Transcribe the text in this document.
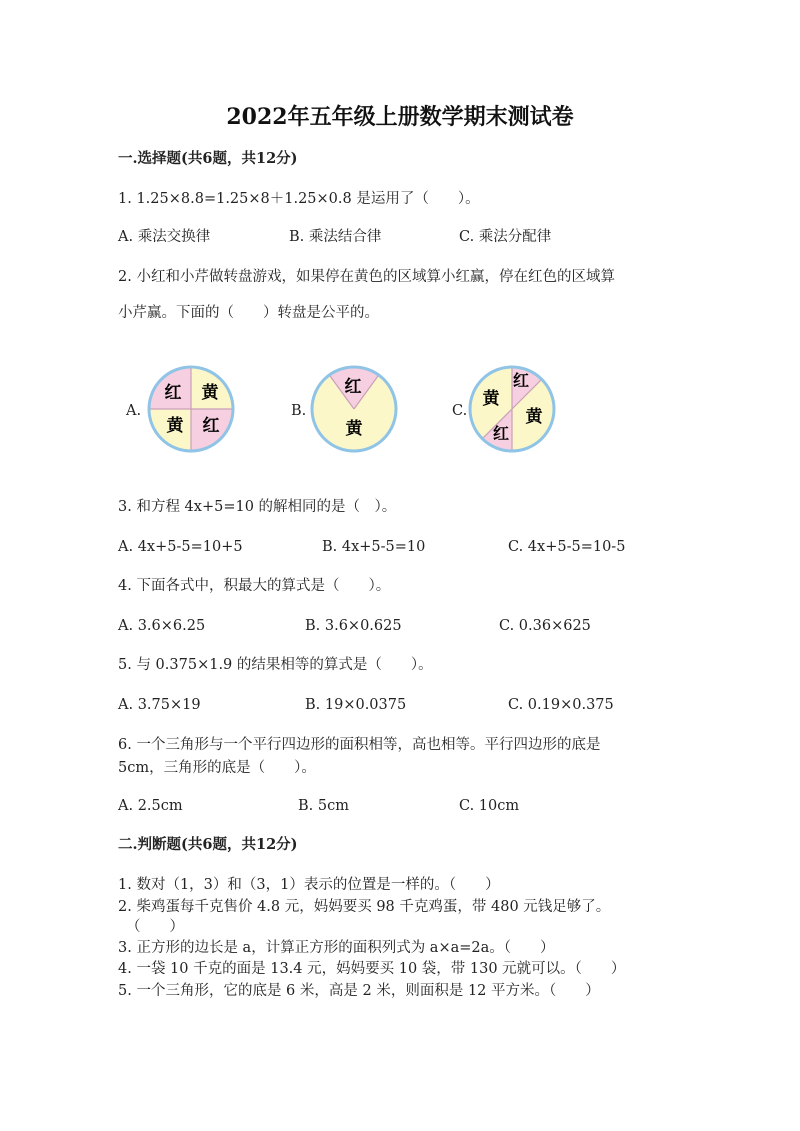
2022年五年级上册数学期末测试卷
一.选择题(共6题，共12分)
1. 1.25×8.8=1.25×8＋1.25×0.8 是运用了（　　）。
A. 乘法交换律	B. 乘法结合律	C. 乘法分配律
2. 小红和小芹做转盘游戏，如果停在黄色的区域算小红赢，停在红色的区域算
小芹赢。下面的（　　）转盘是公平的。
A.
红 黄
黄 红
B.
红
黄
C.
红
黄
黄
红
3. 和方程 4x+5=10 的解相同的是（　）。
A. 4x+5-5=10+5	B. 4x+5-5=10	C. 4x+5-5=10-5
4. 下面各式中，积最大的算式是（　　）。
A. 3.6×6.25	B. 3.6×0.625	C. 0.36×625
5. 与 0.375×1.9 的结果相等的算式是（　　）。
A. 3.75×19	B. 19×0.0375	C. 0.19×0.375
6. 一个三角形与一个平行四边形的面积相等，高也相等。平行四边形的底是
5cm，三角形的底是（　　）。
A. 2.5cm	B. 5cm	C. 10cm
二.判断题(共6题，共12分)
1. 数对（1，3）和（3，1）表示的位置是一样的。（　　）
2. 柴鸡蛋每千克售价 4.8 元，妈妈要买 98 千克鸡蛋，带 480 元钱足够了。
（　　）
3. 正方形的边长是 a，计算正方形的面积列式为 a×a=2a。（　　）
4. 一袋 10 千克的面是 13.4 元，妈妈要买 10 袋，带 130 元就可以。（　　）
5. 一个三角形，它的底是 6 米，高是 2 米，则面积是 12 平方米。（　　）
